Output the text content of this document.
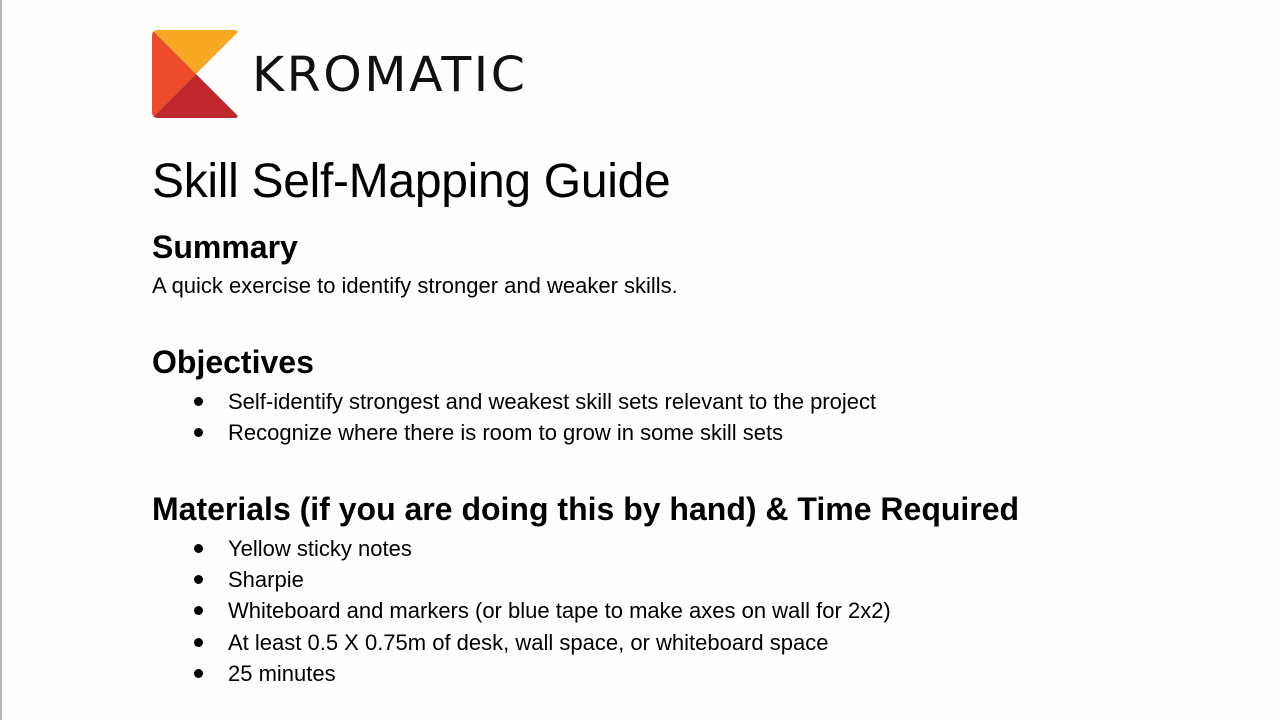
KROMATIC
Skill Self-Mapping Guide
Summary

A quick exercise to identify stronger and weaker skills.

Objectives
Self-identify strongest and weakest skill sets relevant to the project
Recognize where there is room to grow in some skill sets
Materials (if you are doing this by hand) & Time Required
Yellow sticky notes
Sharpie
Whiteboard and markers (or blue tape to make axes on wall for 2x2)
At least 0.5 X 0.75m of desk, wall space, or whiteboard space
25 minutes
